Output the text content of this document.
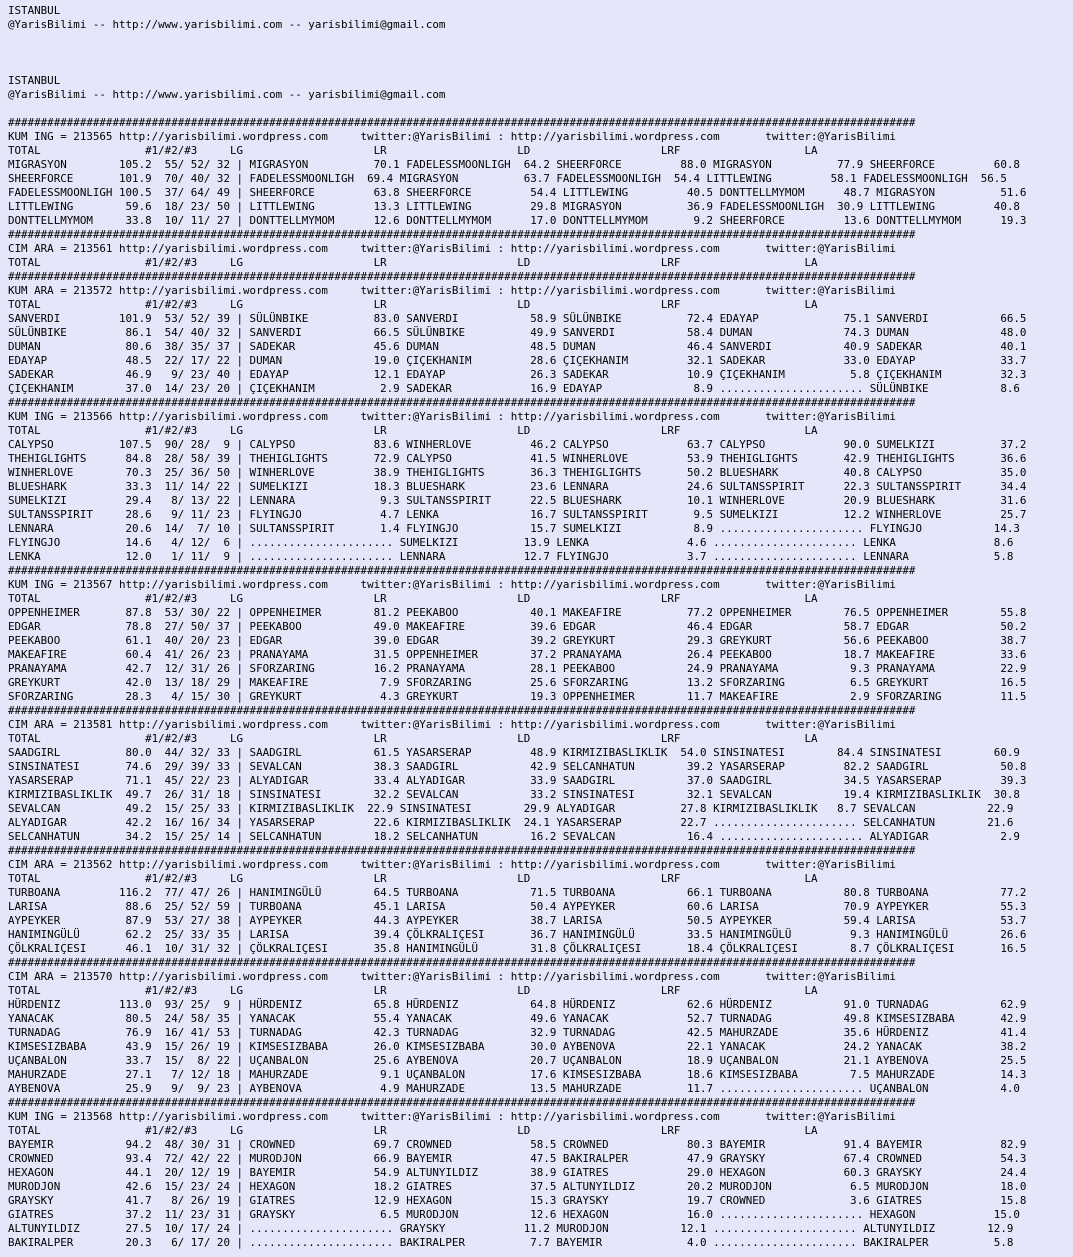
ISTANBUL
@YarisBilimi -- http://www.yarisbilimi.com -- yarisbilimi@gmail.com
ISTANBUL
@YarisBilimi -- http://www.yarisbilimi.com -- yarisbilimi@gmail.com
###########################################################################################################################################
KUM ING = 213565 http://yarisbilimi.wordpress.com     twitter:@YarisBilimi : http://yarisbilimi.wordpress.com       twitter:@YarisBilimi
TOTAL                #1/#2/#3     LG                    LR                    LD                    LRF                   LA
MIGRASYON        105.2  55/ 52/ 32 | MIGRASYON          70.1 FADELESSMOONLIGH  64.2 SHEERFORCE         88.0 MIGRASYON          77.9 SHEERFORCE         60.8
SHEERFORCE       101.9  70/ 40/ 32 | FADELESSMOONLIGH  69.4 MIGRASYON          63.7 FADELESSMOONLIGH  54.4 LITTLEWING         58.1 FADELESSMOONLIGH  56.5
FADELESSMOONLIGH 100.5  37/ 64/ 49 | SHEERFORCE         63.8 SHEERFORCE         54.4 LITTLEWING         40.5 DONTTELLMYMOM      48.7 MIGRASYON          51.6
LITTLEWING        59.6  18/ 23/ 50 | LITTLEWING         13.3 LITTLEWING         29.8 MIGRASYON          36.9 FADELESSMOONLIGH  30.9 LITTLEWING         40.8
DONTTELLMYMOM     33.8  10/ 11/ 27 | DONTTELLMYMOM      12.6 DONTTELLMYMOM      17.0 DONTTELLMYMOM       9.2 SHEERFORCE         13.6 DONTTELLMYMOM      19.3
###########################################################################################################################################
CIM ARA = 213561 http://yarisbilimi.wordpress.com     twitter:@YarisBilimi : http://yarisbilimi.wordpress.com       twitter:@YarisBilimi
TOTAL                #1/#2/#3     LG                    LR                    LD                    LRF                   LA
###########################################################################################################################################
KUM ARA = 213572 http://yarisbilimi.wordpress.com     twitter:@YarisBilimi : http://yarisbilimi.wordpress.com       twitter:@YarisBilimi
TOTAL                #1/#2/#3     LG                    LR                    LD                    LRF                   LA
SANVERDI         101.9  53/ 52/ 39 | SÜLÜNBIKE          83.0 SANVERDI           58.9 SÜLÜNBIKE          72.4 EDAYAP             75.1 SANVERDI           66.5
SÜLÜNBIKE         86.1  54/ 40/ 32 | SANVERDI           66.5 SÜLÜNBIKE          49.9 SANVERDI           58.4 DUMAN              74.3 DUMAN              48.0
DUMAN             80.6  38/ 35/ 37 | SADEKAR            45.6 DUMAN              48.5 DUMAN              46.4 SANVERDI           40.9 SADEKAR            40.1
EDAYAP            48.5  22/ 17/ 22 | DUMAN              19.0 ÇIÇEKHANIM         28.6 ÇIÇEKHANIM         32.1 SADEKAR            33.0 EDAYAP             33.7
SADEKAR           46.9   9/ 23/ 40 | EDAYAP             12.1 EDAYAP             26.3 SADEKAR            10.9 ÇIÇEKHANIM          5.8 ÇIÇEKHANIM         32.3
ÇIÇEKHANIM        37.0  14/ 23/ 20 | ÇIÇEKHANIM          2.9 SADEKAR            16.9 EDAYAP              8.9 ...................... SÜLÜNBIKE           8.6
###########################################################################################################################################
KUM ING = 213566 http://yarisbilimi.wordpress.com     twitter:@YarisBilimi : http://yarisbilimi.wordpress.com       twitter:@YarisBilimi
TOTAL                #1/#2/#3     LG                    LR                    LD                    LRF                   LA
CALYPSO          107.5  90/ 28/  9 | CALYPSO            83.6 WINHERLOVE         46.2 CALYPSO            63.7 CALYPSO            90.0 SUMELKIZI          37.2
THEHIGLIGHTS      84.8  28/ 58/ 39 | THEHIGLIGHTS       72.9 CALYPSO            41.5 WINHERLOVE         53.9 THEHIGLIGHTS       42.9 THEHIGLIGHTS       36.6
WINHERLOVE        70.3  25/ 36/ 50 | WINHERLOVE         38.9 THEHIGLIGHTS       36.3 THEHIGLIGHTS       50.2 BLUESHARK          40.8 CALYPSO            35.0
BLUESHARK         33.3  11/ 14/ 22 | SUMELKIZI          18.3 BLUESHARK          23.6 LENNARA            24.6 SULTANSSPIRIT      22.3 SULTANSSPIRIT      34.4
SUMELKIZI         29.4   8/ 13/ 22 | LENNARA             9.3 SULTANSSPIRIT      22.5 BLUESHARK          10.1 WINHERLOVE         20.9 BLUESHARK          31.6
SULTANSSPIRIT     28.6   9/ 11/ 23 | FLYINGJO            4.7 LENKA              16.7 SULTANSSPIRIT       9.5 SUMELKIZI          12.2 WINHERLOVE         25.7
LENNARA           20.6  14/  7/ 10 | SULTANSSPIRIT       1.4 FLYINGJO           15.7 SUMELKIZI           8.9 ...................... FLYINGJO           14.3
FLYINGJO          14.6   4/ 12/  6 | ...................... SUMELKIZI          13.9 LENKA               4.6 ...................... LENKA               8.6
LENKA             12.0   1/ 11/  9 | ...................... LENNARA            12.7 FLYINGJO            3.7 ...................... LENNARA             5.8
###########################################################################################################################################
KUM ING = 213567 http://yarisbilimi.wordpress.com     twitter:@YarisBilimi : http://yarisbilimi.wordpress.com       twitter:@YarisBilimi
TOTAL                #1/#2/#3     LG                    LR                    LD                    LRF                   LA
OPPENHEIMER       87.8  53/ 30/ 22 | OPPENHEIMER        81.2 PEEKABOO           40.1 MAKEAFIRE          77.2 OPPENHEIMER        76.5 OPPENHEIMER        55.8
EDGAR             78.8  27/ 50/ 37 | PEEKABOO           49.0 MAKEAFIRE          39.6 EDGAR              46.4 EDGAR              58.7 EDGAR              50.2
PEEKABOO          61.1  40/ 20/ 23 | EDGAR              39.0 EDGAR              39.2 GREYKURT           29.3 GREYKURT           56.6 PEEKABOO           38.7
MAKEAFIRE         60.4  41/ 26/ 23 | PRANAYAMA          31.5 OPPENHEIMER        37.2 PRANAYAMA          26.4 PEEKABOO           18.7 MAKEAFIRE          33.6
PRANAYAMA         42.7  12/ 31/ 26 | SFORZARING         16.2 PRANAYAMA          28.1 PEEKABOO           24.9 PRANAYAMA           9.3 PRANAYAMA          22.9
GREYKURT          42.0  13/ 18/ 29 | MAKEAFIRE           7.9 SFORZARING         25.6 SFORZARING         13.2 SFORZARING          6.5 GREYKURT           16.5
SFORZARING        28.3   4/ 15/ 30 | GREYKURT            4.3 GREYKURT           19.3 OPPENHEIMER        11.7 MAKEAFIRE           2.9 SFORZARING         11.5
###########################################################################################################################################
CIM ARA = 213581 http://yarisbilimi.wordpress.com     twitter:@YarisBilimi : http://yarisbilimi.wordpress.com       twitter:@YarisBilimi
TOTAL                #1/#2/#3     LG                    LR                    LD                    LRF                   LA
SAADGIRL          80.0  44/ 32/ 33 | SAADGIRL           61.5 YASARSERAP         48.9 KIRMIZIBASLIKLIK  54.0 SINSINATESI        84.4 SINSINATESI        60.9
SINSINATESI       74.6  29/ 39/ 33 | SEVALCAN           38.3 SAADGIRL           42.9 SELCANHATUN        39.2 YASARSERAP         82.2 SAADGIRL           50.8
YASARSERAP        71.1  45/ 22/ 23 | ALYADIGAR          33.4 ALYADIGAR          33.9 SAADGIRL           37.0 SAADGIRL           34.5 YASARSERAP         39.3
KIRMIZIBASLIKLIK  49.7  26/ 31/ 18 | SINSINATESI        32.2 SEVALCAN           33.2 SINSINATESI        32.1 SEVALCAN           19.4 KIRMIZIBASLIKLIK  30.8
SEVALCAN          49.2  15/ 25/ 33 | KIRMIZIBASLIKLIK  22.9 SINSINATESI        29.9 ALYADIGAR          27.8 KIRMIZIBASLIKLIK   8.7 SEVALCAN           22.9
ALYADIGAR         42.2  16/ 16/ 34 | YASARSERAP         22.6 KIRMIZIBASLIKLIK  24.1 YASARSERAP         22.7 ...................... SELCANHATUN        21.6
SELCANHATUN       34.2  15/ 25/ 14 | SELCANHATUN        18.2 SELCANHATUN        16.2 SEVALCAN           16.4 ...................... ALYADIGAR           2.9
###########################################################################################################################################
CIM ARA = 213562 http://yarisbilimi.wordpress.com     twitter:@YarisBilimi : http://yarisbilimi.wordpress.com       twitter:@YarisBilimi
TOTAL                #1/#2/#3     LG                    LR                    LD                    LRF                   LA
TURBOANA         116.2  77/ 47/ 26 | HANIMINGÜLÜ        64.5 TURBOANA           71.5 TURBOANA           66.1 TURBOANA           80.8 TURBOANA           77.2
LARISA            88.6  25/ 52/ 59 | TURBOANA           45.1 LARISA             50.4 AYPEYKER           60.6 LARISA             70.9 AYPEYKER           55.3
AYPEYKER          87.9  53/ 27/ 38 | AYPEYKER           44.3 AYPEYKER           38.7 LARISA             50.5 AYPEYKER           59.4 LARISA             53.7
HANIMINGÜLÜ       62.2  25/ 33/ 35 | LARISA             39.4 ÇÖLKRALIÇESI       36.7 HANIMINGÜLÜ        33.5 HANIMINGÜLÜ         9.3 HANIMINGÜLÜ        26.6
ÇÖLKRALIÇESI      46.1  10/ 31/ 32 | ÇÖLKRALIÇESI       35.8 HANIMINGÜLÜ        31.8 ÇÖLKRALIÇESI       18.4 ÇÖLKRALIÇESI        8.7 ÇÖLKRALIÇESI       16.5
###########################################################################################################################################
CIM ARA = 213570 http://yarisbilimi.wordpress.com     twitter:@YarisBilimi : http://yarisbilimi.wordpress.com       twitter:@YarisBilimi
TOTAL                #1/#2/#3     LG                    LR                    LD                    LRF                   LA
HÜRDENIZ         113.0  93/ 25/  9 | HÜRDENIZ           65.8 HÜRDENIZ           64.8 HÜRDENIZ           62.6 HÜRDENIZ           91.0 TURNADAG           62.9
YANACAK           80.5  24/ 58/ 35 | YANACAK            55.4 YANACAK            49.6 YANACAK            52.7 TURNADAG           49.8 KIMSESIZBABA       42.9
TURNADAG          76.9  16/ 41/ 53 | TURNADAG           42.3 TURNADAG           32.9 TURNADAG           42.5 MAHURZADE          35.6 HÜRDENIZ           41.4
KIMSESIZBABA      43.9  15/ 26/ 19 | KIMSESIZBABA       26.0 KIMSESIZBABA       30.0 AYBENOVA           22.1 YANACAK            24.2 YANACAK            38.2
UÇANBALON         33.7  15/  8/ 22 | UÇANBALON          25.6 AYBENOVA           20.7 UÇANBALON          18.9 UÇANBALON          21.1 AYBENOVA           25.5
MAHURZADE         27.1   7/ 12/ 18 | MAHURZADE           9.1 UÇANBALON          17.6 KIMSESIZBABA       18.6 KIMSESIZBABA        7.5 MAHURZADE          14.3
AYBENOVA          25.9   9/  9/ 23 | AYBENOVA            4.9 MAHURZADE          13.5 MAHURZADE          11.7 ...................... UÇANBALON           4.0
###########################################################################################################################################
KUM ING = 213568 http://yarisbilimi.wordpress.com     twitter:@YarisBilimi : http://yarisbilimi.wordpress.com       twitter:@YarisBilimi
TOTAL                #1/#2/#3     LG                    LR                    LD                    LRF                   LA
BAYEMIR           94.2  48/ 30/ 31 | CROWNED            69.7 CROWNED            58.5 CROWNED            80.3 BAYEMIR            91.4 BAYEMIR            82.9
CROWNED           93.4  72/ 42/ 22 | MURODJON           66.9 BAYEMIR            47.5 BAKIRALPER         47.9 GRAYSKY            67.4 CROWNED            54.3
HEXAGON           44.1  20/ 12/ 19 | BAYEMIR            54.9 ALTUNYILDIZ        38.9 GIATRES            29.0 HEXAGON            60.3 GRAYSKY            24.4
MURODJON          42.6  15/ 23/ 24 | HEXAGON            18.2 GIATRES            37.5 ALTUNYILDIZ        20.2 MURODJON            6.5 MURODJON           18.0
GRAYSKY           41.7   8/ 26/ 19 | GIATRES            12.9 HEXAGON            15.3 GRAYSKY            19.7 CROWNED             3.6 GIATRES            15.8
GIATRES           37.2  11/ 23/ 31 | GRAYSKY             6.5 MURODJON           12.6 HEXAGON            16.0 ...................... HEXAGON            15.0
ALTUNYILDIZ       27.5  10/ 17/ 24 | ...................... GRAYSKY            11.2 MURODJON           12.1 ...................... ALTUNYILDIZ        12.9
BAKIRALPER        20.3   6/ 17/ 20 | ...................... BAKIRALPER          7.7 BAYEMIR             4.0 ...................... BAKIRALPER          5.8
